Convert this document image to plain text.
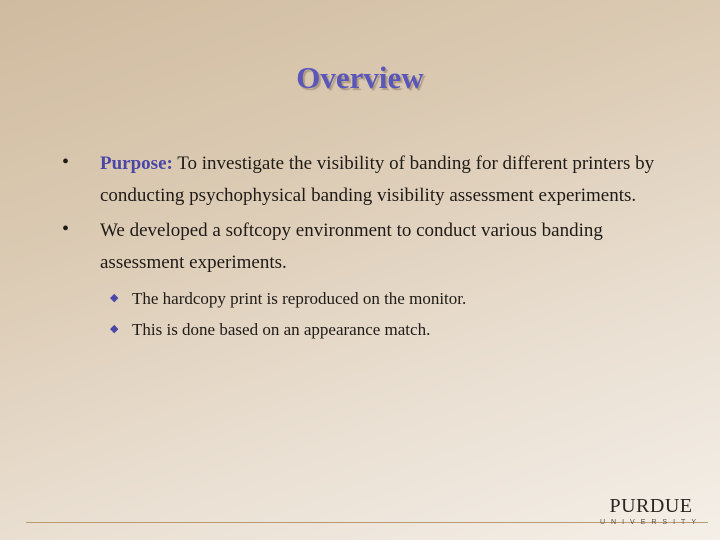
Overview
• Purpose: To investigate the visibility of banding for different printers by conducting psychophysical banding visibility assessment experiments.
• We developed a softcopy environment to conduct various banding assessment experiments.
◆ The hardcopy print is reproduced on the monitor.
◆ This is done based on an appearance match.
PURDUE
UNIVERSITY
